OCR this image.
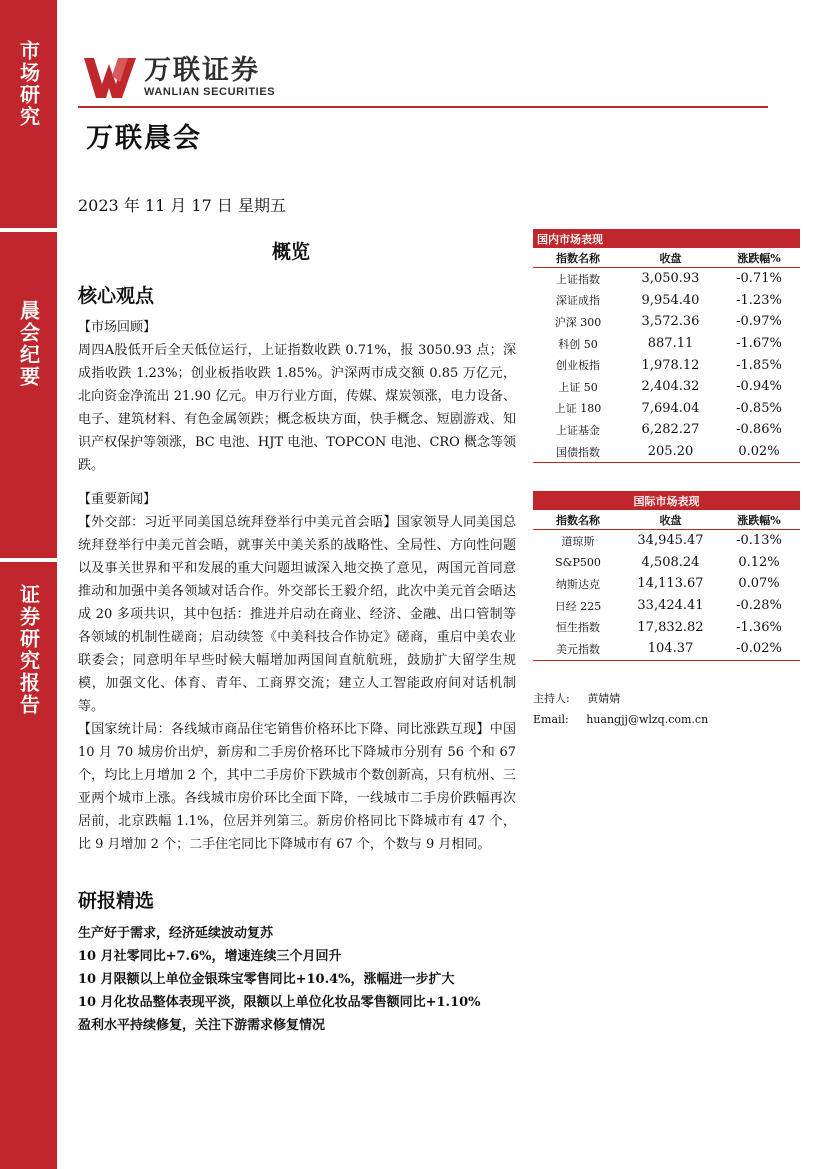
市场研究
晨会纪要
证券研究报告
万联证券
WANLIAN SECURITIES
万联晨会
2023 年 11 月 17 日 星期五
概览
核心观点

【市场回顾】

周四A股低开后全天低位运行，上证指数收跌 0.71%，报 3050.93 点；深成指收跌 1.23%；创业板指收跌 1.85%。沪深两市成交额 0.85 万亿元，北向资金净流出 21.90 亿元。申万行业方面，传媒、煤炭领涨，电力设备、电子、建筑材料、有色金属领跌；概念板块方面，快手概念、短剧游戏、知识产权保护等领涨，BC 电池、HJT 电池、TOPCON 电池、CRO 概念等领跌。

【重要新闻】

【外交部：习近平同美国总统拜登举行中美元首会晤】国家领导人同美国总统拜登举行中美元首会晤，就事关中美关系的战略性、全局性、方向性问题以及事关世界和平和发展的重大问题坦诚深入地交换了意见，两国元首同意推动和加强中美各领域对话合作。外交部长王毅介绍，此次中美元首会晤达成 20 多项共识，其中包括：推进并启动在商业、经济、金融、出口管制等各领域的机制性磋商；启动续签《中美科技合作协定》磋商，重启中美农业联委会；同意明年早些时候大幅增加两国间直航航班，鼓励扩大留学生规模，加强文化、体育、青年、工商界交流；建立人工智能政府间对话机制等。

【国家统计局：各线城市商品住宅销售价格环比下降、同比涨跌互现】中国 10 月 70 城房价出炉，新房和二手房价格环比下降城市分别有 56 个和 67 个，均比上月增加 2 个，其中二手房价下跌城市个数创新高，只有杭州、三亚两个城市上涨。各线城市房价环比全面下降，一线城市二手房价跌幅再次居前，北京跌幅 1.1%，位居并列第三。新房价格同比下降城市有 47 个，比 9 月增加 2 个；二手住宅同比下降城市有 67 个，个数与 9 月相同。

研报精选
生产好于需求，经济延续波动复苏
10 月社零同比+7.6%，增速连续三个月回升
10 月限额以上单位金银珠宝零售同比+10.4%，涨幅进一步扩大
10 月化妆品整体表现平淡，限额以上单位化妆品零售额同比+1.10%
盈利水平持续修复，关注下游需求修复情况
国内市场表现		
指数名称	收盘	涨跌幅%
上证指数	3,050.93	-0.71%
深证成指	9,954.40	-1.23%
沪深 300	3,572.36	-0.97%
科创 50	887.11	-1.67%
创业板指	1,978.12	-1.85%
上证 50	2,404.32	-0.94%
上证 180	7,694.04	-0.85%
上证基金	6,282.27	-0.86%
国债指数	205.20	0.02%
国际市场表现		
指数名称	收盘	涨跌幅%
道琼斯	34,945.47	-0.13%
S&P500	4,508.24	0.12%
纳斯达克	14,113.67	0.07%
日经 225	33,424.41	-0.28%
恒生指数	17,832.82	-1.36%
美元指数	104.37	-0.02%
主持人: 黄婧婧
Email: huangjj@wlzq.com.cn
